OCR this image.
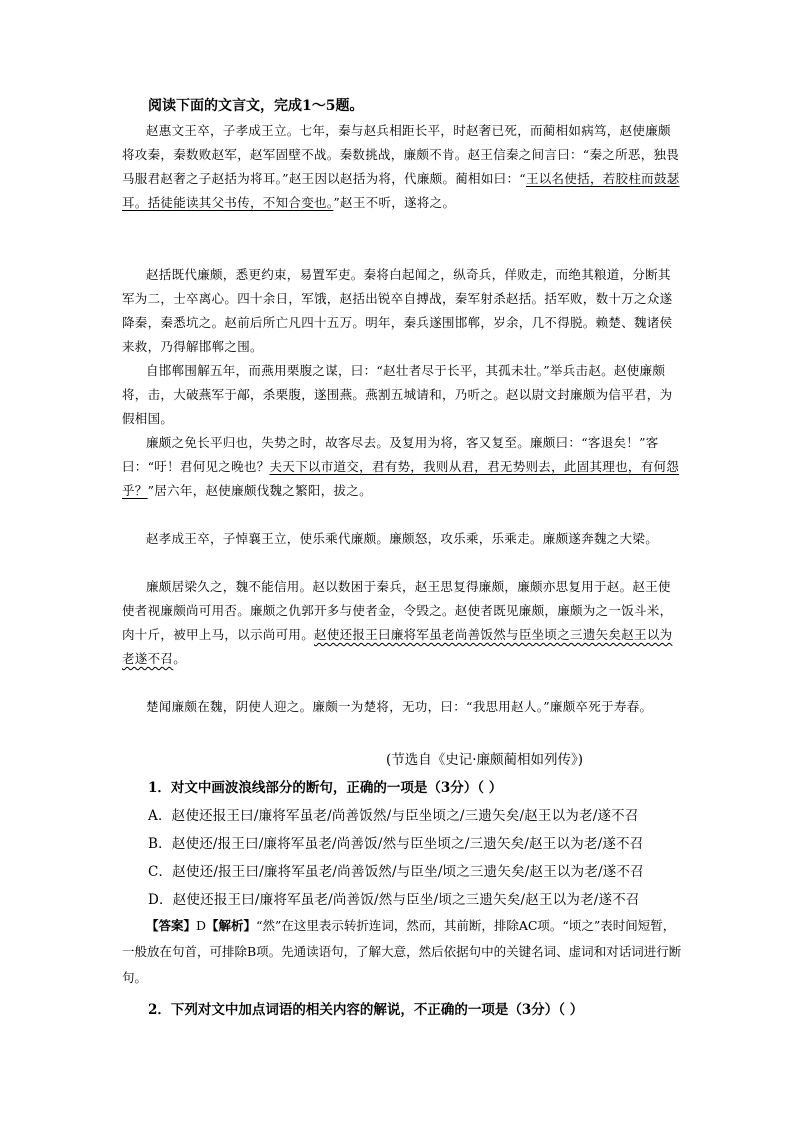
阅读下面的文言文，完成1～5题。
赵惠文王卒，子孝成王立。七年，秦与赵兵相距长平，时赵奢已死，而蔺相如病笃，赵使廉颇将攻秦，秦数败赵军，赵军固壁不战。秦数挑战，廉颇不肯。赵王信秦之间言曰：“秦之所恶，独畏马服君赵奢之子赵括为将耳。”赵王因以赵括为将，代廉颇。蔺相如曰：“王以名使括，若胶柱而鼓瑟耳。括徒能读其父书传，不知合变也。”赵王不听，遂将之。
赵括既代廉颇，悉更约束，易置军吏。秦将白起闻之，纵奇兵，佯败走，而绝其粮道，分断其军为二，士卒离心。四十余日，军饿，赵括出锐卒自搏战，秦军射杀赵括。括军败，数十万之众遂降秦，秦悉坑之。赵前后所亡凡四十五万。明年，秦兵遂围邯郸，岁余，几不得脱。赖楚、魏诸侯来救，乃得解邯郸之围。
自邯郸围解五年，而燕用栗腹之谋，曰：“赵壮者尽于长平，其孤未壮。”举兵击赵。赵使廉颇将，击，大破燕军于鄗，杀栗腹，遂围燕。燕割五城请和，乃听之。赵以尉文封廉颇为信平君，为假相国。
廉颇之免长平归也，失势之时，故客尽去。及复用为将，客又复至。廉颇曰：“客退矣！”客曰：“吁！君何见之晚也？夫天下以市道交，君有势，我则从君，君无势则去，此固其理也，有何怨乎？”居六年，赵使廉颇伐魏之繁阳，拔之。
赵孝成王卒，子悼襄王立，使乐乘代廉颇。廉颇怒，攻乐乘，乐乘走。廉颇遂奔魏之大梁。
廉颇居梁久之，魏不能信用。赵以数困于秦兵，赵王思复得廉颇，廉颇亦思复用于赵。赵王使使者视廉颇尚可用否。廉颇之仇郭开多与使者金，令毁之。赵使者既见廉颇，廉颇为之一饭斗米，肉十斤，被甲上马，以示尚可用。赵使还报王曰廉将军虽老尚善饭然与臣坐顷之三遗矢矣赵王以为老遂不召。
楚闻廉颇在魏，阴使人迎之。廉颇一为楚将，无功，曰：“我思用赵人。”廉颇卒死于寿春。
(节选自《史记·廉颇蔺相如列传》)
1．对文中画波浪线部分的断句，正确的一项是（3分）（ ）
A．赵使还报王曰/廉将军虽老/尚善饭然/与臣坐顷之/三遗矢矣/赵王以为老/遂不召
B．赵使还/报王曰/廉将军虽老/尚善饭/然与臣坐顷之/三遗矢矣/赵王以为老/遂不召
C．赵使还/报王曰/廉将军虽老/尚善饭然/与臣坐/顷之三遗矢矣/赵王以为老/遂不召
D．赵使还报王曰/廉将军虽老/尚善饭/然与臣坐/顷之三遗矢矣/赵王以为老/遂不召
【答案】D【解析】“然”在这里表示转折连词，然而，其前断，排除AC项。“顷之”表时间短暂，一般放在句首，可排除B项。先通读语句，了解大意，然后依据句中的关键名词、虚词和对话词进行断句。
2．下列对文中加点词语的相关内容的解说，不正确的一项是（3分）（ ）
